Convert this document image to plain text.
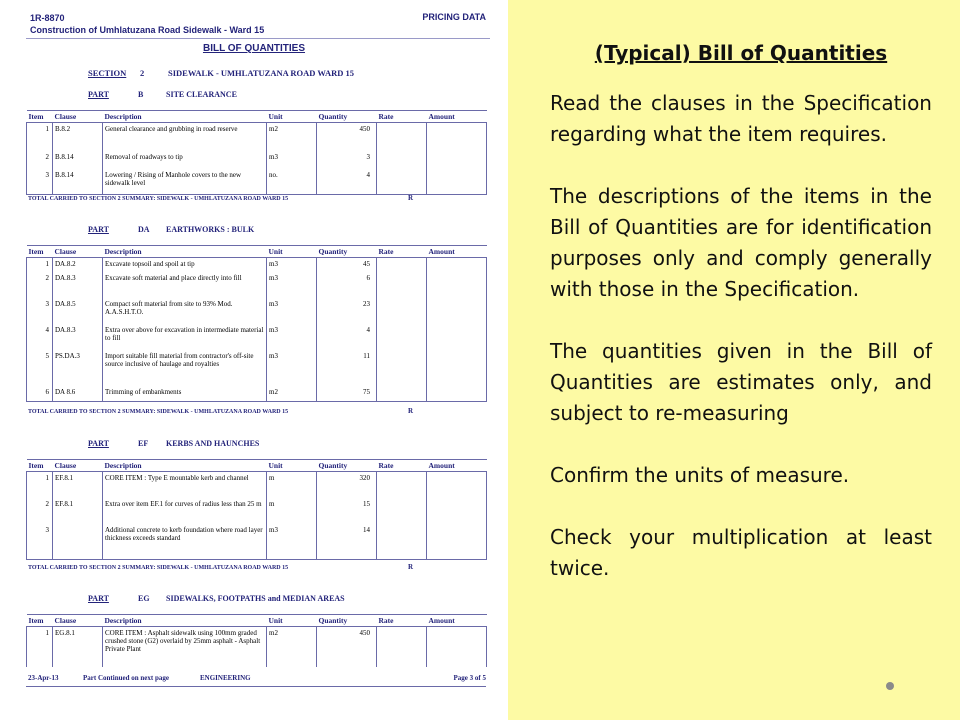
1R-8870
Construction of Umhlatuzana Road Sidewalk - Ward 15
PRICING DATA
BILL OF QUANTITIES
SECTION 2	SIDEWALK - UMHLATUZANA ROAD WARD 15
PART	B	SITE CLEARANCE
Item	Clause	Description	Unit	Quantity	Rate	Amount
1	B.8.2	General clearance and grubbing in road reserve	m2	450		
2	B.8.14	Removal of roadways to tip	m3	3		
3	B.8.14	Lowering / Rising of Manhole covers to the new sidewalk level	no.	4		
TOTAL CARRIED TO SECTION 2 SUMMARY: SIDEWALK - UMHLATUZANA ROAD WARD 15	R
PART	DA EARTHWORKS : BULK
Item	Clause	Description	Unit	Quantity	Rate	Amount
1	DA.8.2	Excavate topsoil and spoil at tip	m3	45		
2	DA.8.3	Excavate soft material and place directly into fill	m3	6		
3	DA.8.5	Compact soft material from site to 93% Mod. A.A.S.H.T.O.	m3	23		
4	DA.8.3	Extra over above for excavation in intermediate material to fill	m3	4		
5	PS.DA.3	Import suitable fill material from contractor's off-site source inclusive of haulage and royalties	m3	11		
6	DA 8.6	Trimming of embankments	m2	75		
TOTAL CARRIED TO SECTION 2 SUMMARY: SIDEWALK - UMHLATUZANA ROAD WARD 15	R
PART	EF KERBS AND HAUNCHES
Item	Clause	Description	Unit	Quantity	Rate	Amount
1	EF.8.1	CORE ITEM : Type E mountable kerb and channel	m	320		
2	EF.8.1	Extra over item EF.1 for curves of radius less than 25 m	m	15		
3		Additional concrete to kerb foundation where road layer thickness exceeds standard	m3	14		
TOTAL CARRIED TO SECTION 2 SUMMARY: SIDEWALK - UMHLATUZANA ROAD WARD 15	R
PART	EG SIDEWALKS, FOOTPATHS and MEDIAN AREAS
Item	Clause	Description	Unit	Quantity	Rate	Amount
1	EG.8.1	CORE ITEM : Asphalt sidewalk using 100mm graded crushed stone (G2) overlaid by 25mm asphalt - Asphalt Private Plant	m2	450		
23-Apr-13	Part Continued on next page	ENGINEERING	Page 3 of 5
(Typical) Bill of Quantities

Read the clauses in the Specification regarding what the item requires.

The descriptions of the items in the Bill of Quantities are for identification purposes only and comply generally with those in the Specification.

The quantities given in the Bill of Quantities are estimates only, and subject to re-measuring

Confirm the units of measure.

Check your multiplication at least twice.
